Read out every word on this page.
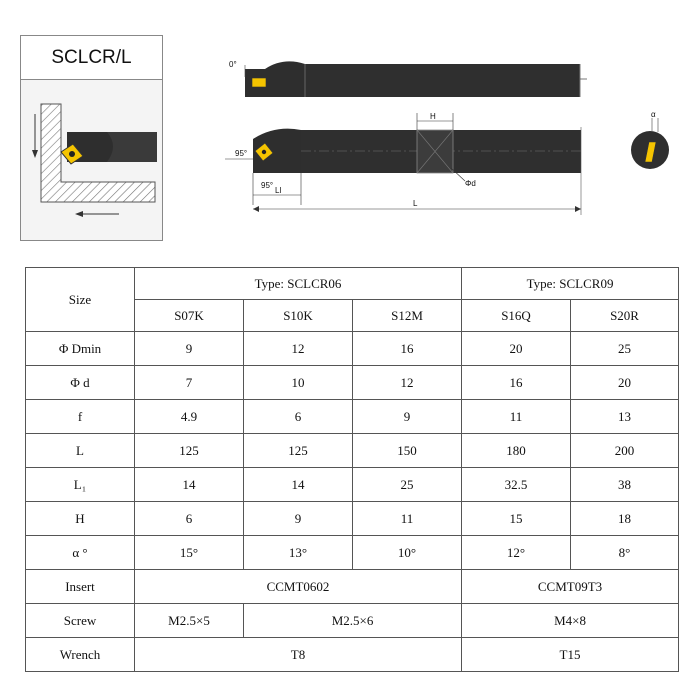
SCLCR/L	0°
H
Φd
95°
95°
Ll
L
α
Size	Type: SCLCR06			Type: SCLCR09	
	S07K	S10K	S12M	S16Q	S20R
Φ Dmin	9	12	16	20	25
Φ d	7	10	12	16	20
f	4.9	6	9	11	13
L	125	125	150	180	200
L₁	14	14	25	32.5	38
H	6	9	11	15	18
α °	15°	13°	10°	12°	8°
Insert	CCMT0602			CCMT09T3	
Screw	M2.5×5	M2.5×6		M4×8	
Wrench	T8			T15	
